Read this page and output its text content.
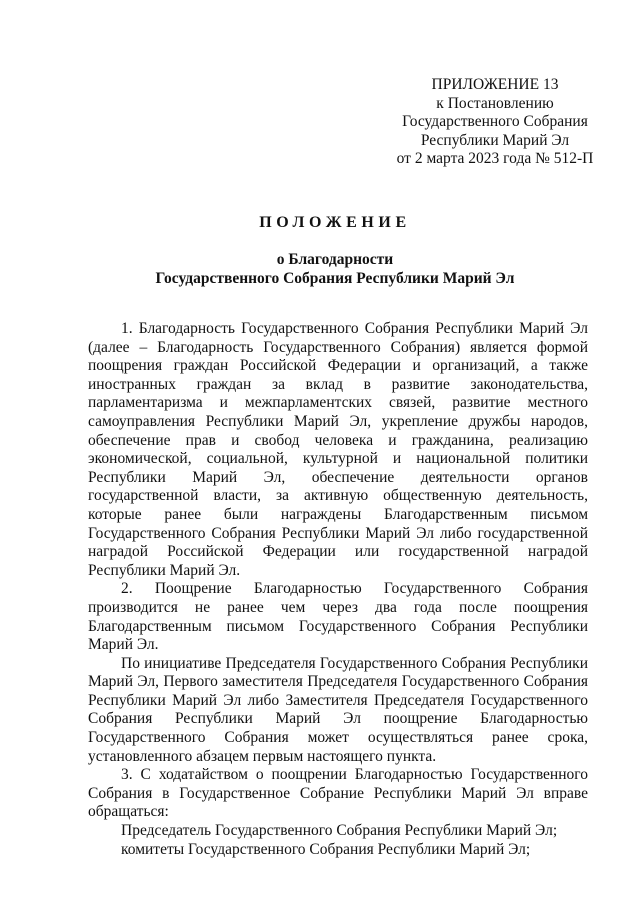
ПРИЛОЖЕНИЕ 13
к Постановлению
Государственного Собрания
Республики Марий Эл
от 2 марта 2023 года № 512-П
ПОЛОЖЕНИЕ
о Благодарности
Государственного Собрания Республики Марий Эл

1. Благодарность Государственного Собрания Республики Марий Эл (далее – Благодарность Государственного Собрания) является формой поощрения граждан Российской Федерации и организаций, а также иностранных граждан за вклад в развитие законодательства, парламентаризма и межпарламентских связей, развитие местного самоуправления Республики Марий Эл, укрепление дружбы народов, обеспечение прав и свобод человека и гражданина, реализацию экономической, социальной, культурной и национальной политики Республики Марий Эл, обеспечение деятельности органов государственной власти, за активную общественную деятельность, которые ранее были награждены Благодарственным письмом Государственного Собрания Республики Марий Эл либо государственной наградой Российской Федерации или государственной наградой Республики Марий Эл.

2. Поощрение Благодарностью Государственного Собрания производится не ранее чем через два года после поощрения Благодарственным письмом Государственного Собрания Республики Марий Эл.

По инициативе Председателя Государственного Собрания Республики Марий Эл, Первого заместителя Председателя Государственного Собрания Республики Марий Эл либо Заместителя Председателя Государственного Собрания Республики Марий Эл поощрение Благодарностью Государственного Собрания может осуществляться ранее срока, установленного абзацем первым настоящего пункта.

3. С ходатайством о поощрении Благодарностью Государственного Собрания в Государственное Собрание Республики Марий Эл вправе обращаться:

Председатель Государственного Собрания Республики Марий Эл;

комитеты Государственного Собрания Республики Марий Эл;
